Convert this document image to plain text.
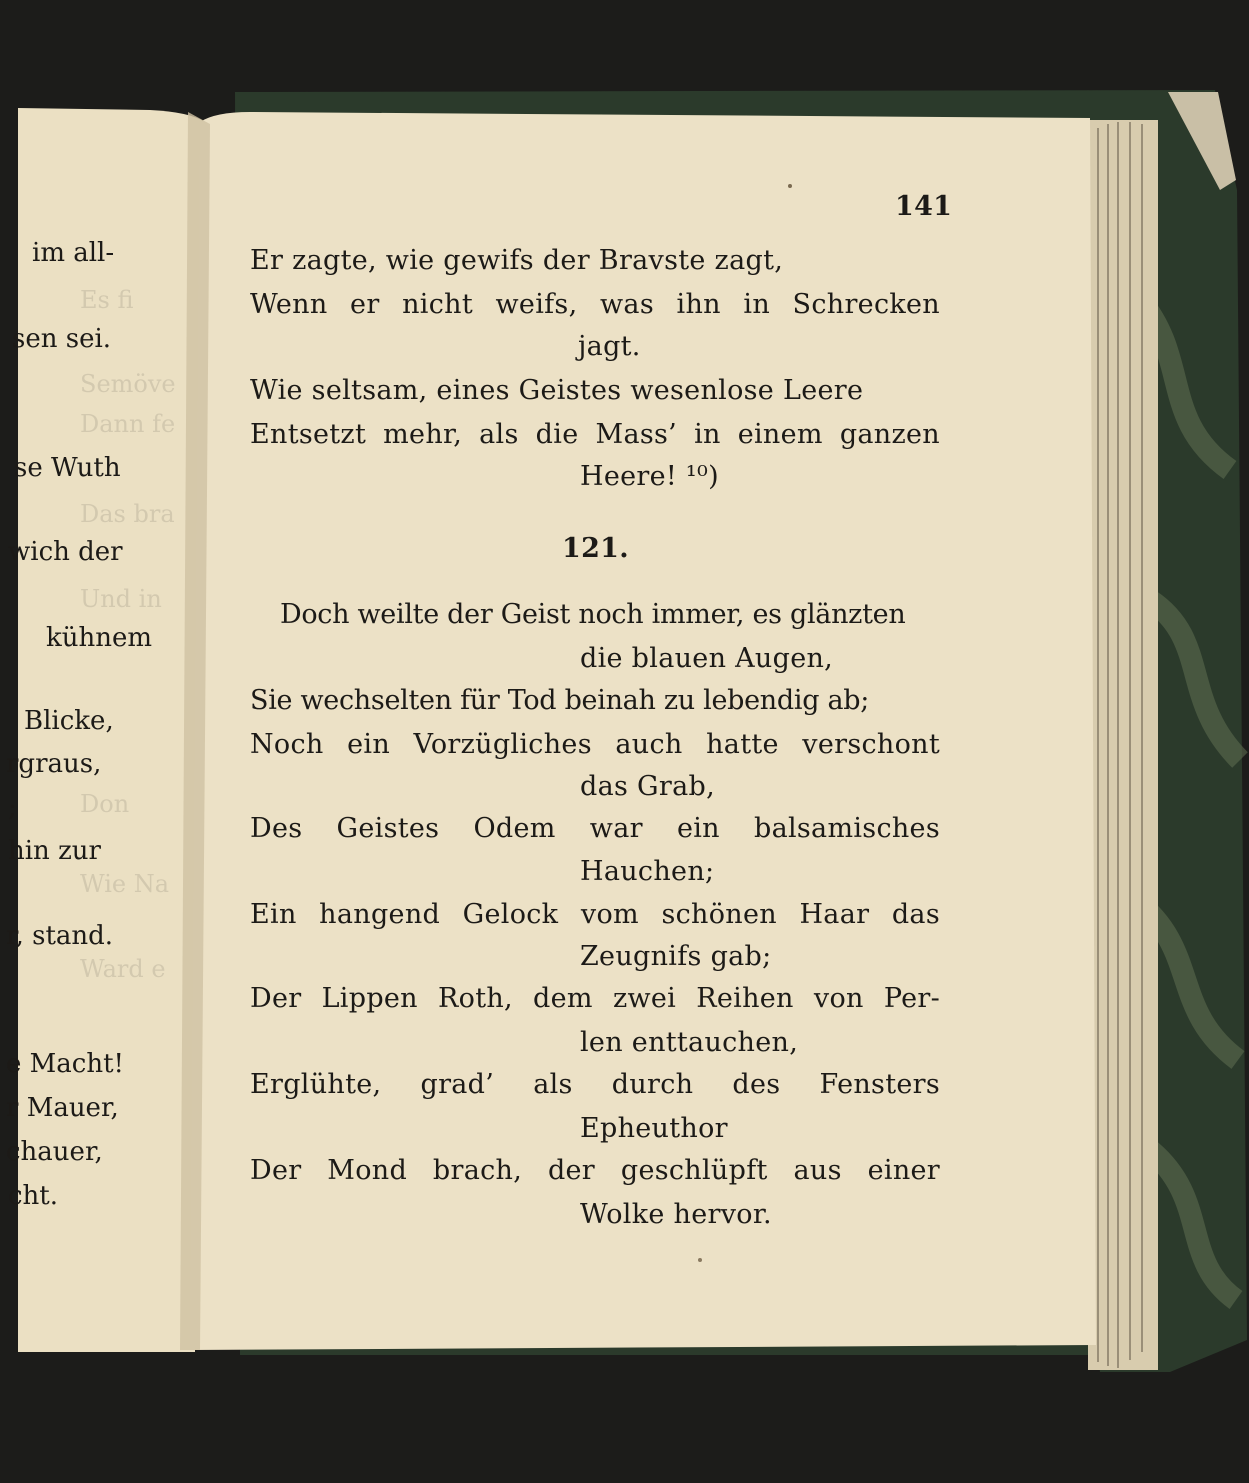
Es fi

Semöve

Dann fe

Das bra

Und in

Don

Wie Na

Ward e

im all-

sen sei.

se Wuth

wich der

kühnem

Blicke,

rgraus,

;

hin zur

r, stand.

e Macht!

r Mauer,

chauer,

cht.

141

Er zagte, wie gewifs der Bravste zagt,

Wenn er nicht weifs, was ihn in Schrecken

jagt.

Wie seltsam, eines Geistes wesenlose Leere

Entsetzt mehr, als die Mass’ in einem ganzen

Heere! ¹⁰)

121.

Doch weilte der Geist noch immer, es glänzten

die blauen Augen,

Sie wechselten für Tod beinah zu lebendig ab;

Noch ein Vorzügliches auch hatte verschont

das Grab,

Des Geistes Odem war ein balsamisches

Hauchen;

Ein hangend Gelock vom schönen Haar das

Zeugnifs gab;

Der Lippen Roth, dem zwei Reihen von Per-

len enttauchen,

Erglühte, grad’ als durch des Fensters

Epheuthor

Der Mond brach, der geschlüpft aus einer

Wolke hervor.
